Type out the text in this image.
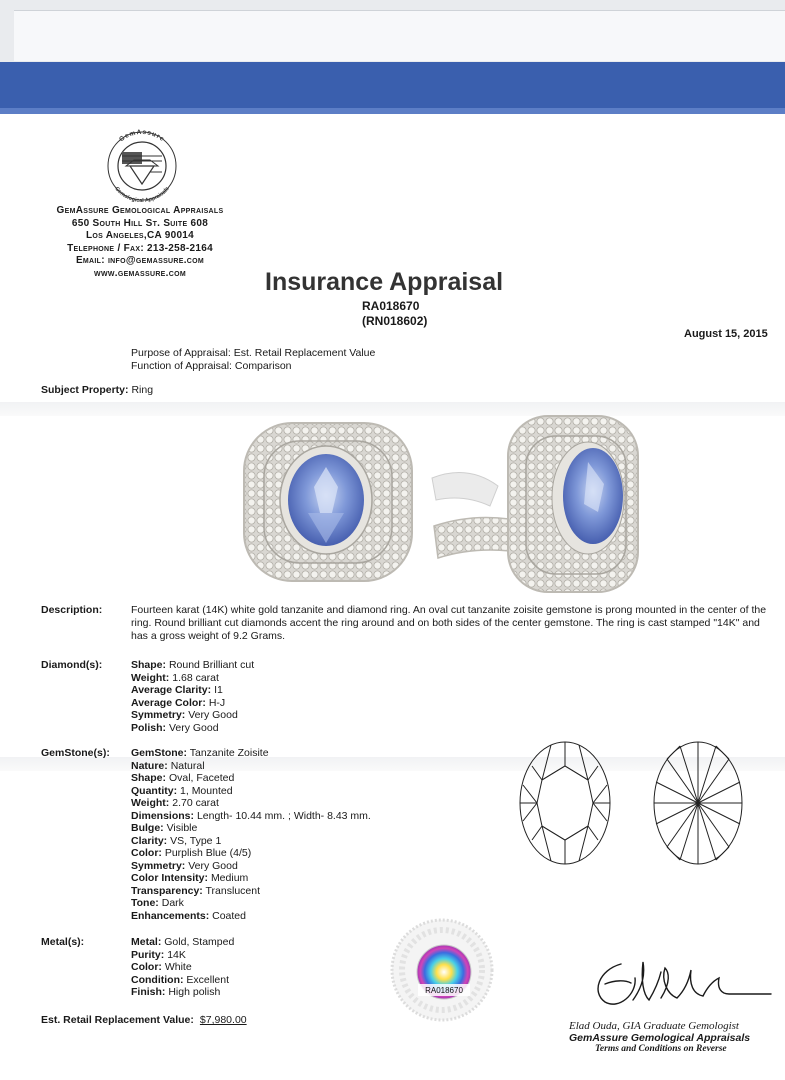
GemAssure
Gemological Appraisals
GemAssure Gemological Appraisals
650 South Hill St. Suite 608
Los Angeles,CA 90014
Telephone / Fax: 213-258-2164
Email: info@gemassure.com
www.gemassure.com	Insurance Appraisal
RA018670
(RN018602)
August 15, 2015
Purpose of Appraisal: Est. Retail Replacement Value
Function of Appraisal: Comparison
Subject Property: Ring
Description:	Fourteen karat (14K) white gold tanzanite and diamond ring. An oval cut tanzanite zoisite gemstone is prong mounted in the center of the ring. Round brilliant cut diamonds accent the ring around and on both sides of the center gemstone. The ring is cast stamped "14K" and has a gross weight of 9.2 Grams.
Diamond(s):	Shape: Round Brilliant cut
Weight: 1.68 carat
Average Clarity: I1
Average Color: H-J
Symmetry: Very Good
Polish: Very Good
GemStone(s): GemStone: Tanzanite Zoisite
Nature: Natural
Shape: Oval, Faceted
Quantity: 1, Mounted
Weight: 2.70 carat
Dimensions: Length- 10.44 mm. ; Width- 8.43 mm.
Bulge: Visible
Clarity: VS, Type 1
Color: Purplish Blue (4/5)
Symmetry: Very Good
Color Intensity: Medium
Transparency: Translucent
Tone: Dark
Enhancements: Coated
Metal(s):	Metal: Gold, Stamped
Purity: 14K
Color: White
Condition: Excellent
Finish: High polish	RA018670
Est. Retail Replacement Value: $7,980.00	Elad Ouda, GIA Graduate Gemologist
GemAssure Gemological Appraisals
Terms and Conditions on Reverse
